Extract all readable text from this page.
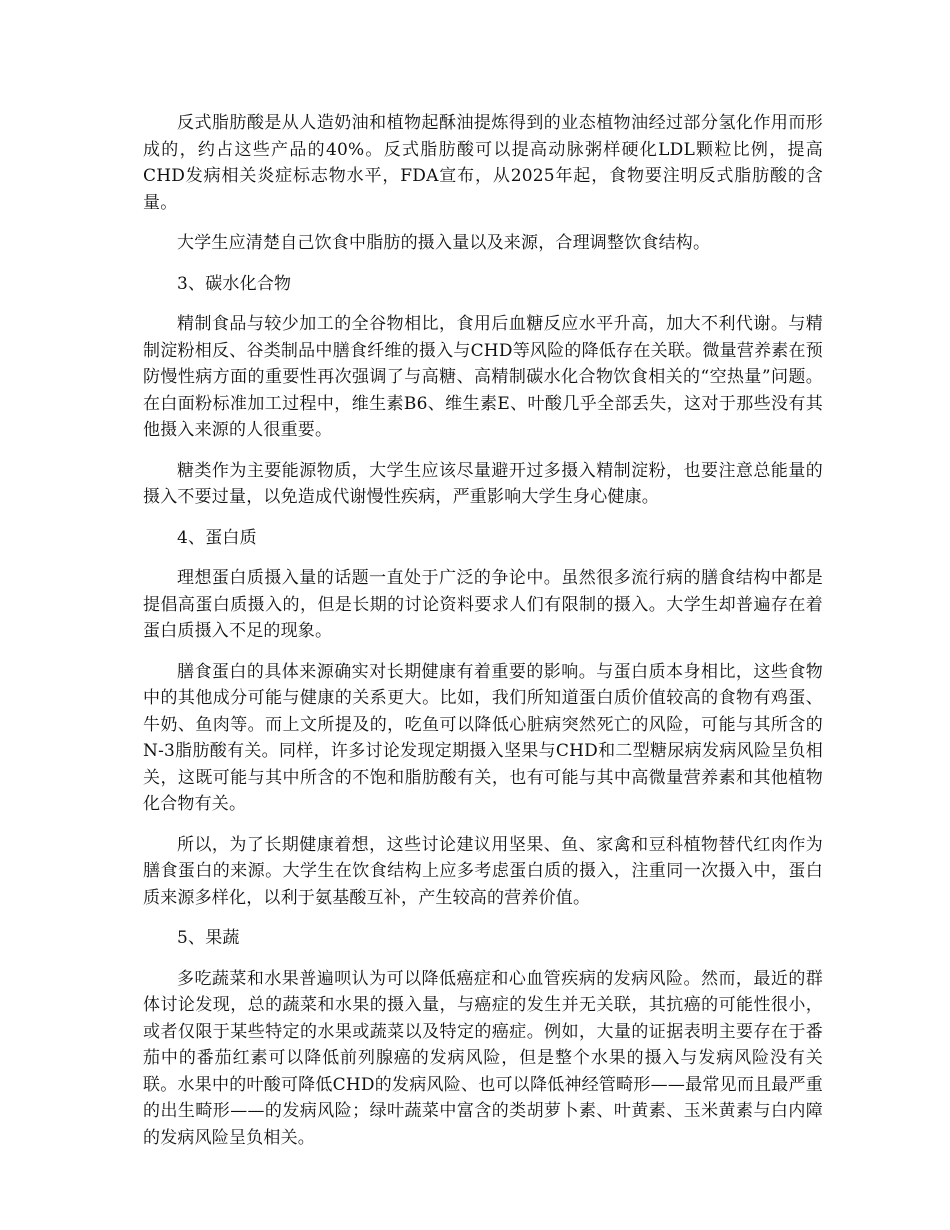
反式脂肪酸是从人造奶油和植物起酥油提炼得到的业态植物油经过部分氢化作用而形成的，约占这些产品的40%。反式脂肪酸可以提高动脉粥样硬化LDL颗粒比例，提高CHD发病相关炎症标志物水平，FDA宣布，从2025年起，食物要注明反式脂肪酸的含量。

大学生应清楚自己饮食中脂肪的摄入量以及来源，合理调整饮食结构。

3、碳水化合物

精制食品与较少加工的全谷物相比，食用后血糖反应水平升高，加大不利代谢。与精制淀粉相反、谷类制品中膳食纤维的摄入与CHD等风险的降低存在关联。微量营养素在预防慢性病方面的重要性再次强调了与高糖、高精制碳水化合物饮食相关的“空热量”问题。在白面粉标准加工过程中，维生素B6、维生素E、叶酸几乎全部丢失，这对于那些没有其他摄入来源的人很重要。

糖类作为主要能源物质，大学生应该尽量避开过多摄入精制淀粉，也要注意总能量的摄入不要过量，以免造成代谢慢性疾病，严重影响大学生身心健康。

4、蛋白质

理想蛋白质摄入量的话题一直处于广泛的争论中。虽然很多流行病的膳食结构中都是提倡高蛋白质摄入的，但是长期的讨论资料要求人们有限制的摄入。大学生却普遍存在着蛋白质摄入不足的现象。

膳食蛋白的具体来源确实对长期健康有着重要的影响。与蛋白质本身相比，这些食物中的其他成分可能与健康的关系更大。比如，我们所知道蛋白质价值较高的食物有鸡蛋、牛奶、鱼肉等。而上文所提及的，吃鱼可以降低心脏病突然死亡的风险，可能与其所含的N-3脂肪酸有关。同样，许多讨论发现定期摄入坚果与CHD和二型糖尿病发病风险呈负相关，这既可能与其中所含的不饱和脂肪酸有关，也有可能与其中高微量营养素和其他植物化合物有关。

所以，为了长期健康着想，这些讨论建议用坚果、鱼、家禽和豆科植物替代红肉作为膳食蛋白的来源。大学生在饮食结构上应多考虑蛋白质的摄入，注重同一次摄入中，蛋白质来源多样化，以利于氨基酸互补，产生较高的营养价值。

5、果蔬

多吃蔬菜和水果普遍呗认为可以降低癌症和心血管疾病的发病风险。然而，最近的群体讨论发现，总的蔬菜和水果的摄入量，与癌症的发生并无关联，其抗癌的可能性很小，或者仅限于某些特定的水果或蔬菜以及特定的癌症。例如，大量的证据表明主要存在于番茄中的番茄红素可以降低前列腺癌的发病风险，但是整个水果的摄入与发病风险没有关联。水果中的叶酸可降低CHD的发病风险、也可以降低神经管畸形——最常见而且最严重的出生畸形——的发病风险；绿叶蔬菜中富含的类胡萝卜素、叶黄素、玉米黄素与白内障的发病风险呈负相关。
